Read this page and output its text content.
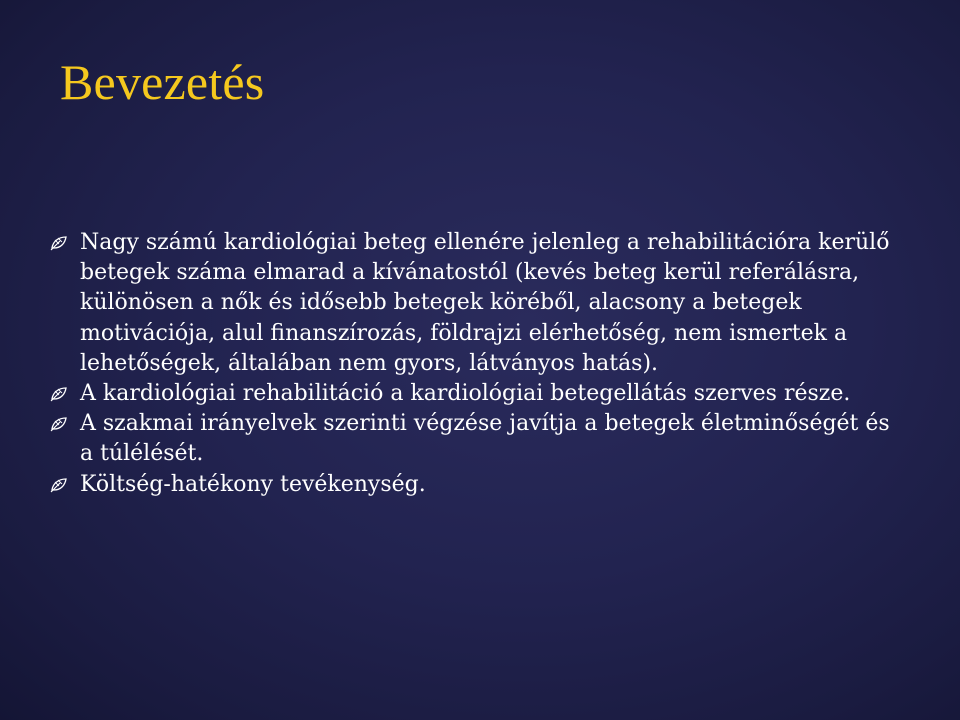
Bevezetés
Nagy számú kardiológiai beteg ellenére jelenleg a rehabilitációra kerülő betegek száma elmarad a kívánatostól (kevés beteg kerül referálásra, különösen a nők és idősebb betegek köréből, alacsony a betegek motivációja, alul finanszírozás, földrajzi elérhetőség, nem ismertek a lehetőségek, általában nem gyors, látványos hatás).
A kardiológiai rehabilitáció a kardiológiai betegellátás szerves része.
A szakmai irányelvek szerinti végzése javítja a betegek életminőségét és a túlélését.
Költség-hatékony tevékenység.
